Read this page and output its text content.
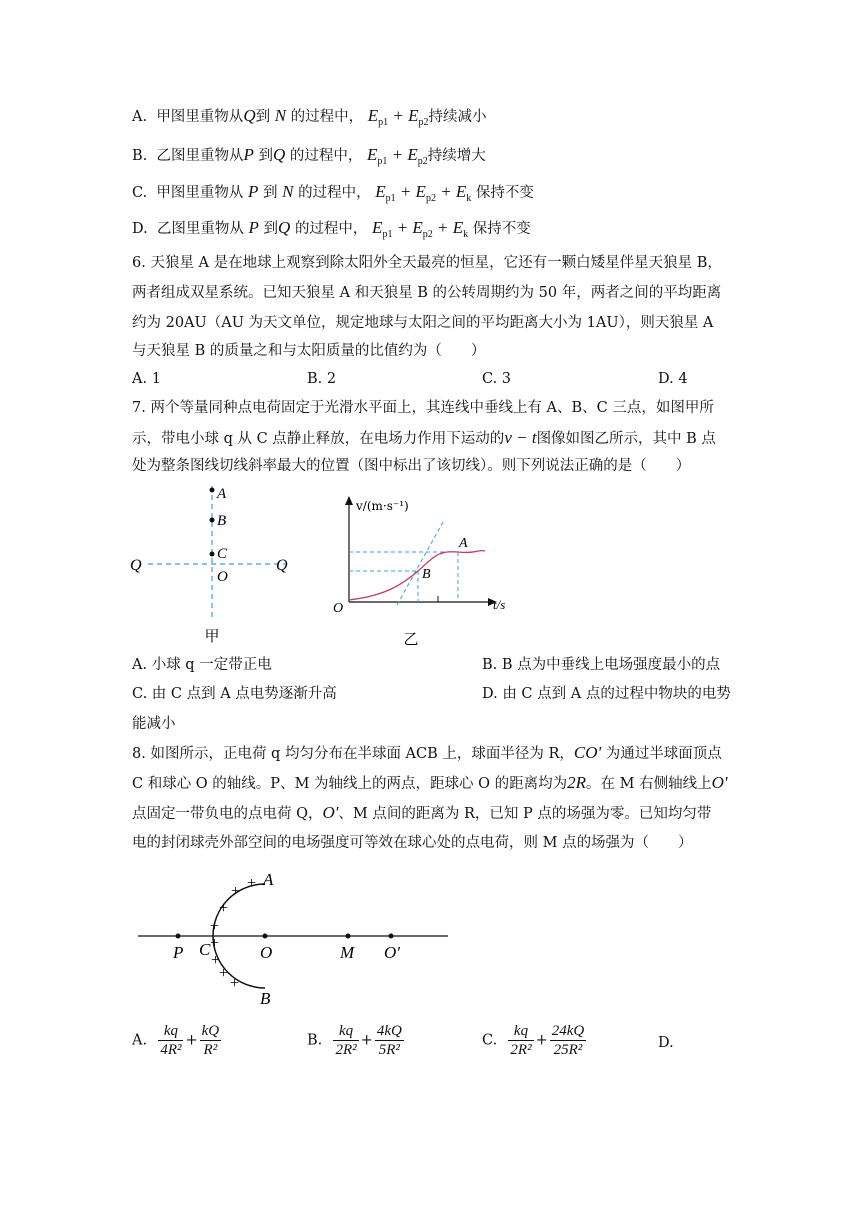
A. 甲图里重物从Q到 N 的过程中， $E_{p1} + E_{p2}$持续减小
B. 乙图里重物从P 到Q 的过程中， $E_{p1} + E_{p2}$持续增大
C. 甲图里重物从 P 到 N 的过程中， $E_{p1} + E_{p2} + E_k$ 保持不变
D. 乙图里重物从 P 到Q 的过程中， $E_{p1} + E_{p2} + E_k$ 保持不变
6. 天狼星 A 是在地球上观察到除太阳外全天最亮的恒星，它还有一颗白矮星伴星天狼星 B，
两者组成双星系统。已知天狼星 A 和天狼星 B 的公转周期约为 50 年，两者之间的平均距离
约为 20AU（AU 为天文单位，规定地球与太阳之间的平均距离大小为 1AU），则天狼星 A
与天狼星 B 的质量之和与太阳质量的比值约为（　　）
A. 1	B. 2	C. 3	D. 4
7. 两个等量同种点电荷固定于光滑水平面上，其连线中垂线上有 A、B、C 三点，如图甲所
示，带电小球 q 从 C 点静止释放，在电场力作用下运动的v − t图像如图乙所示，其中 B 点
处为整条图线切线斜率最大的位置（图中标出了该切线）。则下列说法正确的是（　　）
A
B
C
O
Q	Q
甲
v/(m·s⁻¹)
t/s
O
A
B
乙
A. 小球 q 一定带正电	B. B 点为中垂线上电场强度最小的点
C. 由 C 点到 A 点电势逐渐升高	D. 由 C 点到 A 点的过程中物块的电势
能减小
8. 如图所示，正电荷 q 均匀分布在半球面 ACB 上，球面半径为 R，CO' 为通过半球面顶点
C 和球心 O 的轴线。P、M 为轴线上的两点，距球心 O 的距离均为2R。在 M 右侧轴线上O'
点固定一带负电的点电荷 Q，O'、M 点间的距离为 R，已知 P 点的场强为零。已知均匀带
电的封闭球壳外部空间的电场强度可等效在球心处的点电荷，则 M 点的场强为（　　）
A
B
C
P	O	M O′
+
+
+
+
+
+
+
+
A. $\frac{kq}{\text{4R²}} + \frac{kQ}{\text{R²}}$	B. $\frac{kq}{\text{2R²}} + \frac{4kQ}{\text{5R²}}$	C. $\frac{kq}{\text{2R²}} + \frac{24kQ}{\text{25R²}}$	D.
